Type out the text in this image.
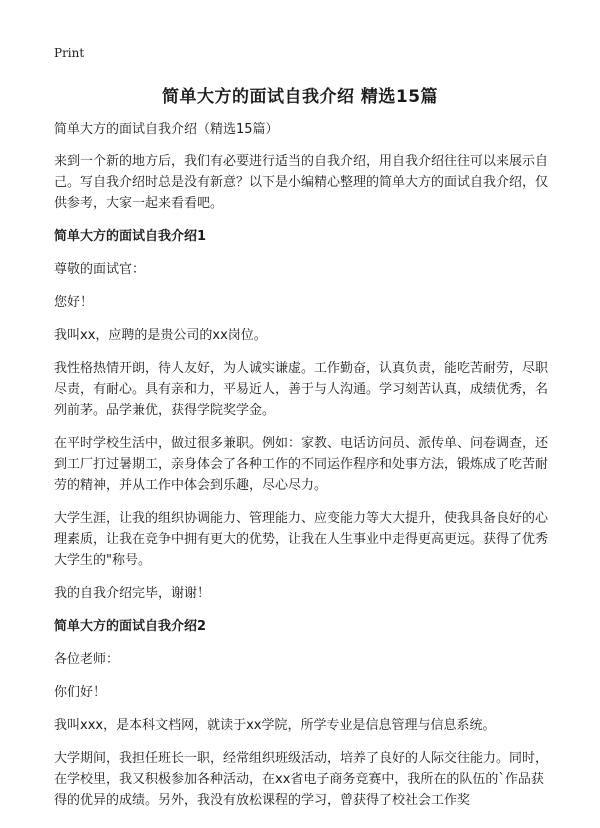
Print
简单大方的面试自我介绍 精选15篇
简单大方的面试自我介绍（精选15篇）

来到一个新的地方后，我们有必要进行适当的自我介绍，用自我介绍往往可以来展示自己。写自我介绍时总是没有新意？以下是小编精心整理的简单大方的面试自我介绍，仅供参考，大家一起来看看吧。

简单大方的面试自我介绍1

尊敬的面试官：

您好！

我叫xx，应聘的是贵公司的xx岗位。

我性格热情开朗，待人友好，为人诚实谦虚。工作勤奋，认真负责，能吃苦耐劳，尽职尽责，有耐心。具有亲和力，平易近人，善于与人沟通。学习刻苦认真，成绩优秀，名列前茅。品学兼优，获得学院奖学金。

在平时学校生活中，做过很多兼职。例如：家教、电话访问员、派传单、问卷调查，还到工厂打过暑期工，亲身体会了各种工作的不同运作程序和处事方法，锻炼成了吃苦耐劳的精神，并从工作中体会到乐趣，尽心尽力。

大学生涯，让我的组织协调能力、管理能力、应变能力等大大提升，使我具备良好的心理素质，让我在竞争中拥有更大的优势，让我在人生事业中走得更高更远。获得了优秀大学生的"称号。

我的自我介绍完毕，谢谢！

简单大方的面试自我介绍2

各位老师：

你们好！

我叫xxx，是本科文档网，就读于xx学院，所学专业是信息管理与信息系统。

大学期间，我担任班长一职，经常组织班级活动，培养了良好的人际交往能力。同时，在学校里，我又积极参加各种活动，在xx省电子商务竞赛中，我所在的队伍的`作品获得的优异的成绩。另外，我没有放松课程的学习，曾获得了校社会工作奖
